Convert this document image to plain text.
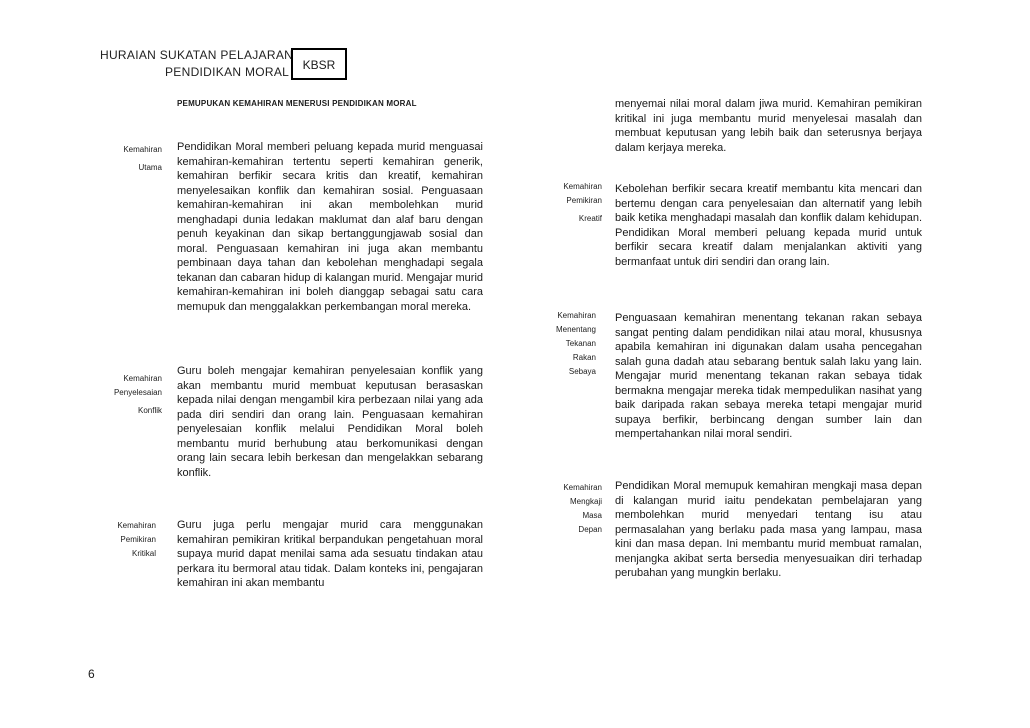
HURAIAN SUKATAN PELAJARAN
PENDIDIKAN MORAL	KBSR
PEMUPUKAN KEMAHIRAN MENERUSI PENDIDIKAN MORAL
Kemahiran
Utama
Pendidikan Moral memberi peluang kepada murid menguasai kemahiran-kemahiran tertentu seperti kemahiran generik, kemahiran berfikir secara kritis dan kreatif, kemahiran menyelesaikan konflik dan kemahiran sosial. Penguasaan kemahiran-kemahiran ini akan membolehkan murid menghadapi dunia ledakan maklumat dan alaf baru dengan penuh keyakinan dan sikap bertanggungjawab sosial dan moral. Penguasaan kemahiran ini juga akan membantu pembinaan daya tahan dan kebolehan menghadapi segala tekanan dan cabaran hidup di kalangan murid. Mengajar murid kemahiran-kemahiran ini boleh dianggap sebagai satu cara memupuk dan menggalakkan perkembangan moral mereka.
Kemahiran
Penyelesaian
Konflik
Guru boleh mengajar kemahiran penyelesaian konflik yang akan membantu murid membuat keputusan berasaskan kepada nilai dengan mengambil kira perbezaan nilai yang ada pada diri sendiri dan orang lain. Penguasaan kemahiran penyelesaian konflik melalui Pendidikan Moral boleh membantu murid berhubung atau berkomunikasi dengan orang lain secara lebih berkesan dan mengelakkan sebarang konflik.
Kemahiran
Pemikiran
Kritikal
Guru juga perlu mengajar murid cara menggunakan kemahiran pemikiran kritikal berpandukan pengetahuan moral supaya murid dapat menilai sama ada sesuatu tindakan atau perkara itu bermoral atau tidak. Dalam konteks ini, pengajaran kemahiran ini akan membantu
menyemai nilai moral dalam jiwa murid. Kemahiran pemikiran kritikal ini juga membantu murid menyelesai masalah dan membuat keputusan yang lebih baik dan seterusnya berjaya dalam kerjaya mereka.
Kemahiran
Pemikiran
Kreatif
Kebolehan berfikir secara kreatif membantu kita mencari dan bertemu dengan cara penyelesaian dan alternatif yang lebih baik ketika menghadapi masalah dan konflik dalam kehidupan. Pendidikan Moral memberi peluang kepada murid untuk berfikir secara kreatif dalam menjalankan aktiviti yang bermanfaat untuk diri sendiri dan orang lain.
Kemahiran
Menentang
Tekanan
Rakan
Sebaya
Penguasaan kemahiran menentang tekanan rakan sebaya sangat penting dalam pendidikan nilai atau moral, khususnya apabila kemahiran ini digunakan dalam usaha pencegahan salah guna dadah atau sebarang bentuk salah laku yang lain. Mengajar murid menentang tekanan rakan sebaya tidak bermakna mengajar mereka tidak mempedulikan nasihat yang baik daripada rakan sebaya mereka tetapi mengajar murid supaya berfikir, berbincang dengan sumber lain dan mempertahankan nilai moral sendiri.
Kemahiran
Mengkaji
Masa
Depan
Pendidikan Moral memupuk kemahiran mengkaji masa depan di kalangan murid iaitu pendekatan pembelajaran yang membolehkan murid menyedari tentang isu atau permasalahan yang berlaku pada masa yang lampau, masa kini dan masa depan. Ini membantu murid membuat ramalan, menjangka akibat serta bersedia menyesuaikan diri terhadap perubahan yang mungkin berlaku.
6
